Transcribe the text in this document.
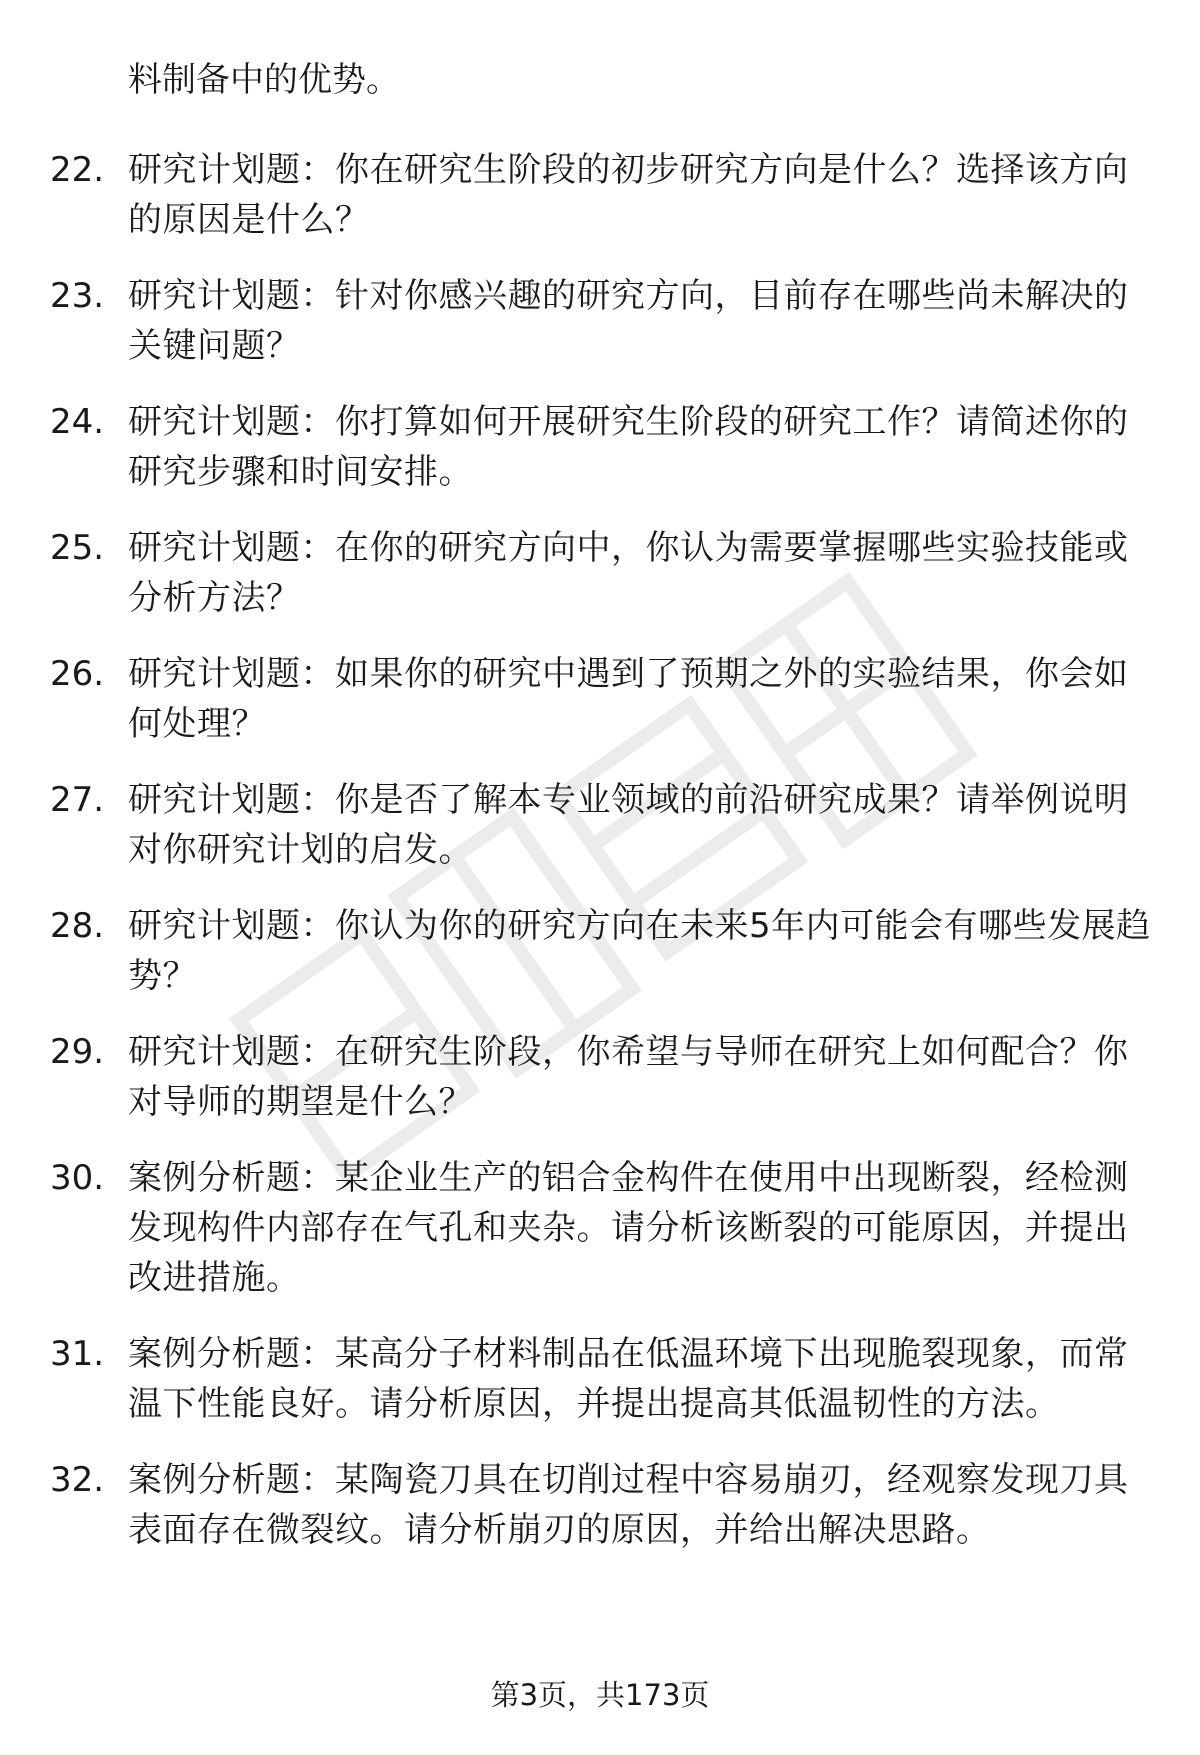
料制备中的优势。

22. 研究计划题：你在研究生阶段的初步研究方向是什么？选择该方向的原因是什么？
23. 研究计划题：针对你感兴趣的研究方向，目前存在哪些尚未解决的关键问题？
24. 研究计划题：你打算如何开展研究生阶段的研究工作？请简述你的研究步骤和时间安排。
25. 研究计划题：在你的研究方向中，你认为需要掌握哪些实验技能或分析方法？
26. 研究计划题：如果你的研究中遇到了预期之外的实验结果，你会如何处理？
27. 研究计划题：你是否了解本专业领域的前沿研究成果？请举例说明对你研究计划的启发。
28. 研究计划题：你认为你的研究方向在未来5年内可能会有哪些发展趋势？
29. 研究计划题：在研究生阶段，你希望与导师在研究上如何配合？你对导师的期望是什么？
30. 案例分析题：某企业生产的铝合金构件在使用中出现断裂，经检测发现构件内部存在气孔和夹杂。请分析该断裂的可能原因，并提出改进措施。
31. 案例分析题：某高分子材料制品在低温环境下出现脆裂现象，而常温下性能良好。请分析原因，并提出提高其低温韧性的方法。
32. 案例分析题：某陶瓷刀具在切削过程中容易崩刃，经观察发现刀具表面存在微裂纹。请分析崩刃的原因，并给出解决思路。
第3页，共173页
